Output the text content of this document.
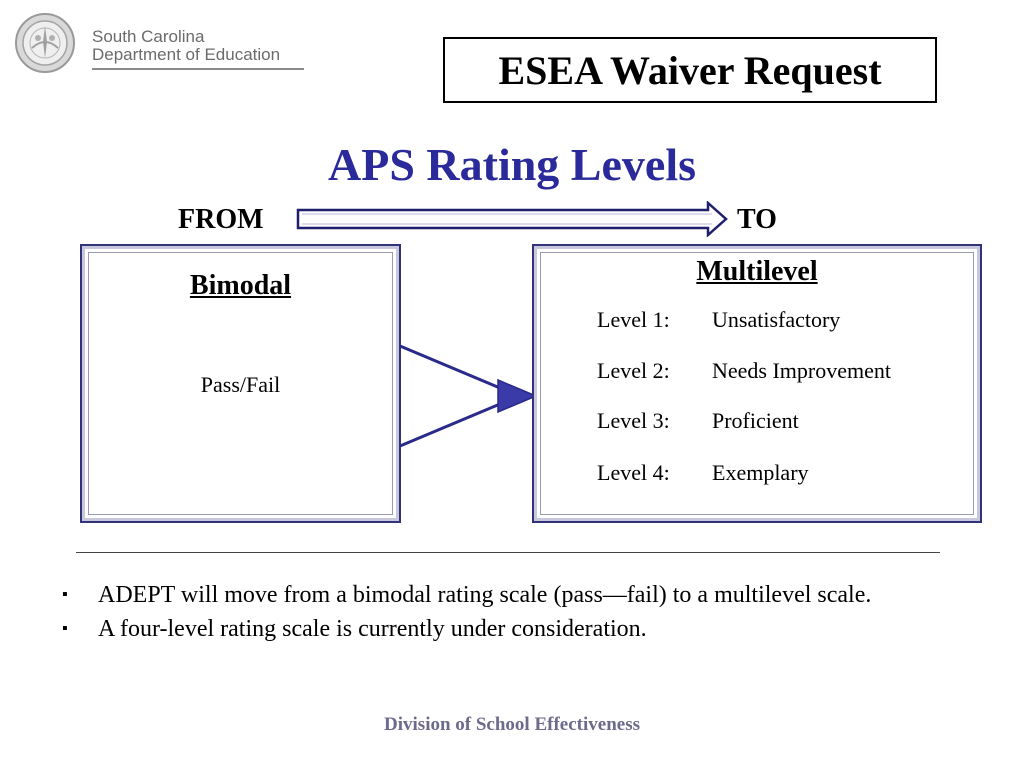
South Carolina
Department of Education	ESEA Waiver Request
APS Rating Levels
FROM	TO
Bimodal
Pass/Fail
Multilevel
Level 1: Unsatisfactory
Level 2: Needs Improvement
Level 3: Proficient
Level 4: Exemplary
▪ ADEPT will move from a bimodal rating scale (pass—fail) to a multilevel scale.
▪ A four-level rating scale is currently under consideration.
Division of School Effectiveness
